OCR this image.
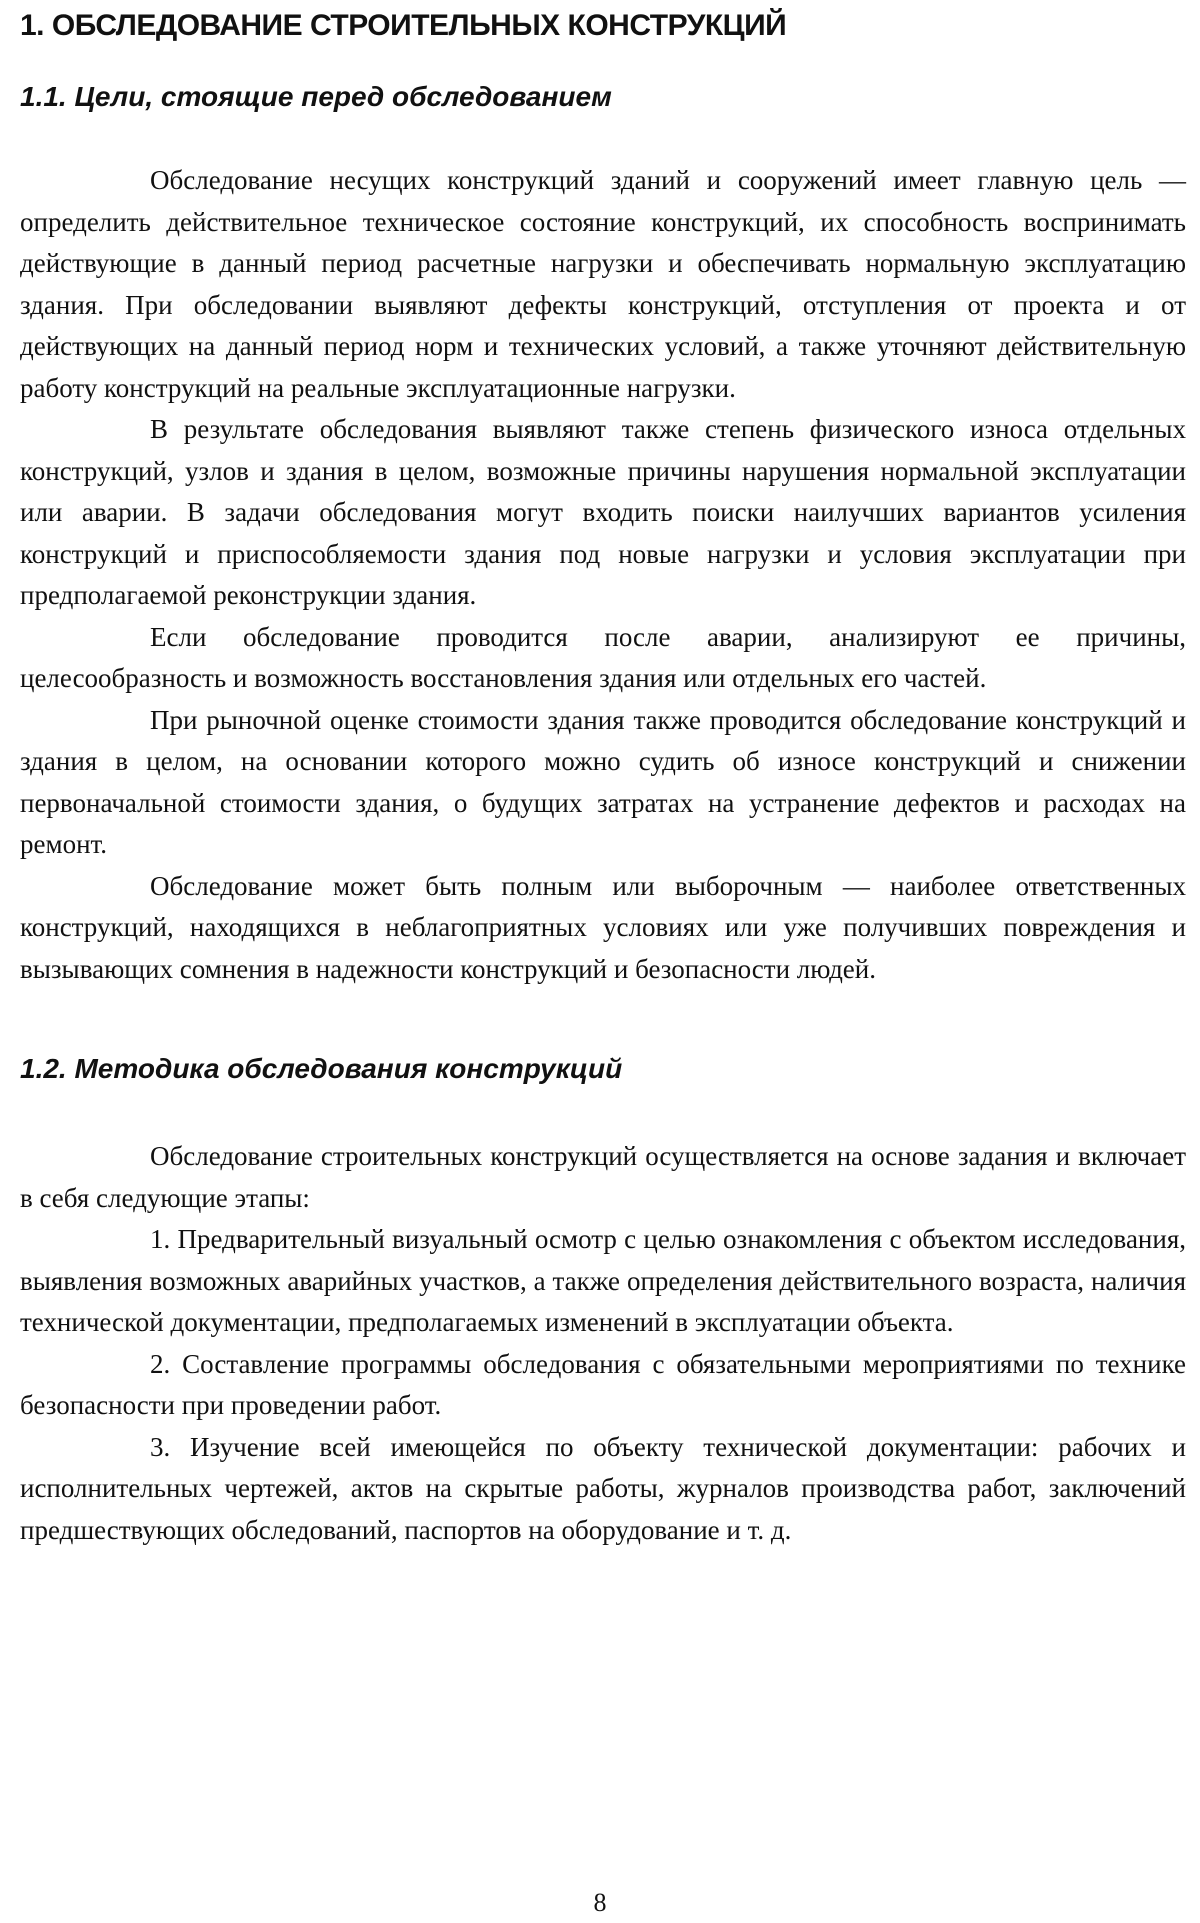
1. ОБСЛЕДОВАНИЕ СТРОИТЕЛЬНЫХ КОНСТРУКЦИЙ
1.1. Цели, стоящие перед обследованием

Обследование несущих конструкций зданий и сооружений имеет главную цель — определить действительное техническое состояние конструкций, их способность воспринимать действующие в данный период расчетные нагрузки и обеспечивать нормальную эксплуатацию здания. При обследовании выявляют дефекты конструкций, отступления от проекта и от действующих на данный период норм и технических условий, а также уточняют действительную работу конструкций на реальные эксплуатационные нагрузки.

В результате обследования выявляют также степень физического износа отдельных конструкций, узлов и здания в целом, возможные причины нарушения нормальной эксплуатации или аварии. В задачи обследования могут входить поиски наилучших вариантов усиления конструкций и приспособляемости здания под новые нагрузки и условия эксплуатации при предполагаемой реконструкции здания.

Если обследование проводится после аварии, анализируют ее причины, целесообразность и возможность восстановления здания или отдельных его частей.

При рыночной оценке стоимости здания также проводится обследование конструкций и здания в целом, на основании которого можно судить об износе конструкций и снижении первоначальной стоимости здания, о будущих затратах на устранение дефектов и расходах на ремонт.

Обследование может быть полным или выборочным — наиболее ответственных конструкций, находящихся в неблагоприятных условиях или уже получивших повреждения и вызывающих сомнения в надежности конструкций и безопасности людей.

1.2. Методика обследования конструкций

Обследование строительных конструкций осуществляется на основе задания и включает в себя следующие этапы:

1. Предварительный визуальный осмотр с целью ознакомления с объектом исследования, выявления возможных аварийных участков, а также определения действительного возраста, наличия технической документации, предполагаемых изменений в эксплуатации объекта.

2. Составление программы обследования с обязательными мероприятиями по технике безопасности при проведении работ.

3. Изучение всей имеющейся по объекту технической документации: рабочих и исполнительных чертежей, актов на скрытые работы, журналов производства работ, заключений предшествующих обследований, паспортов на оборудование и т. д.

8
